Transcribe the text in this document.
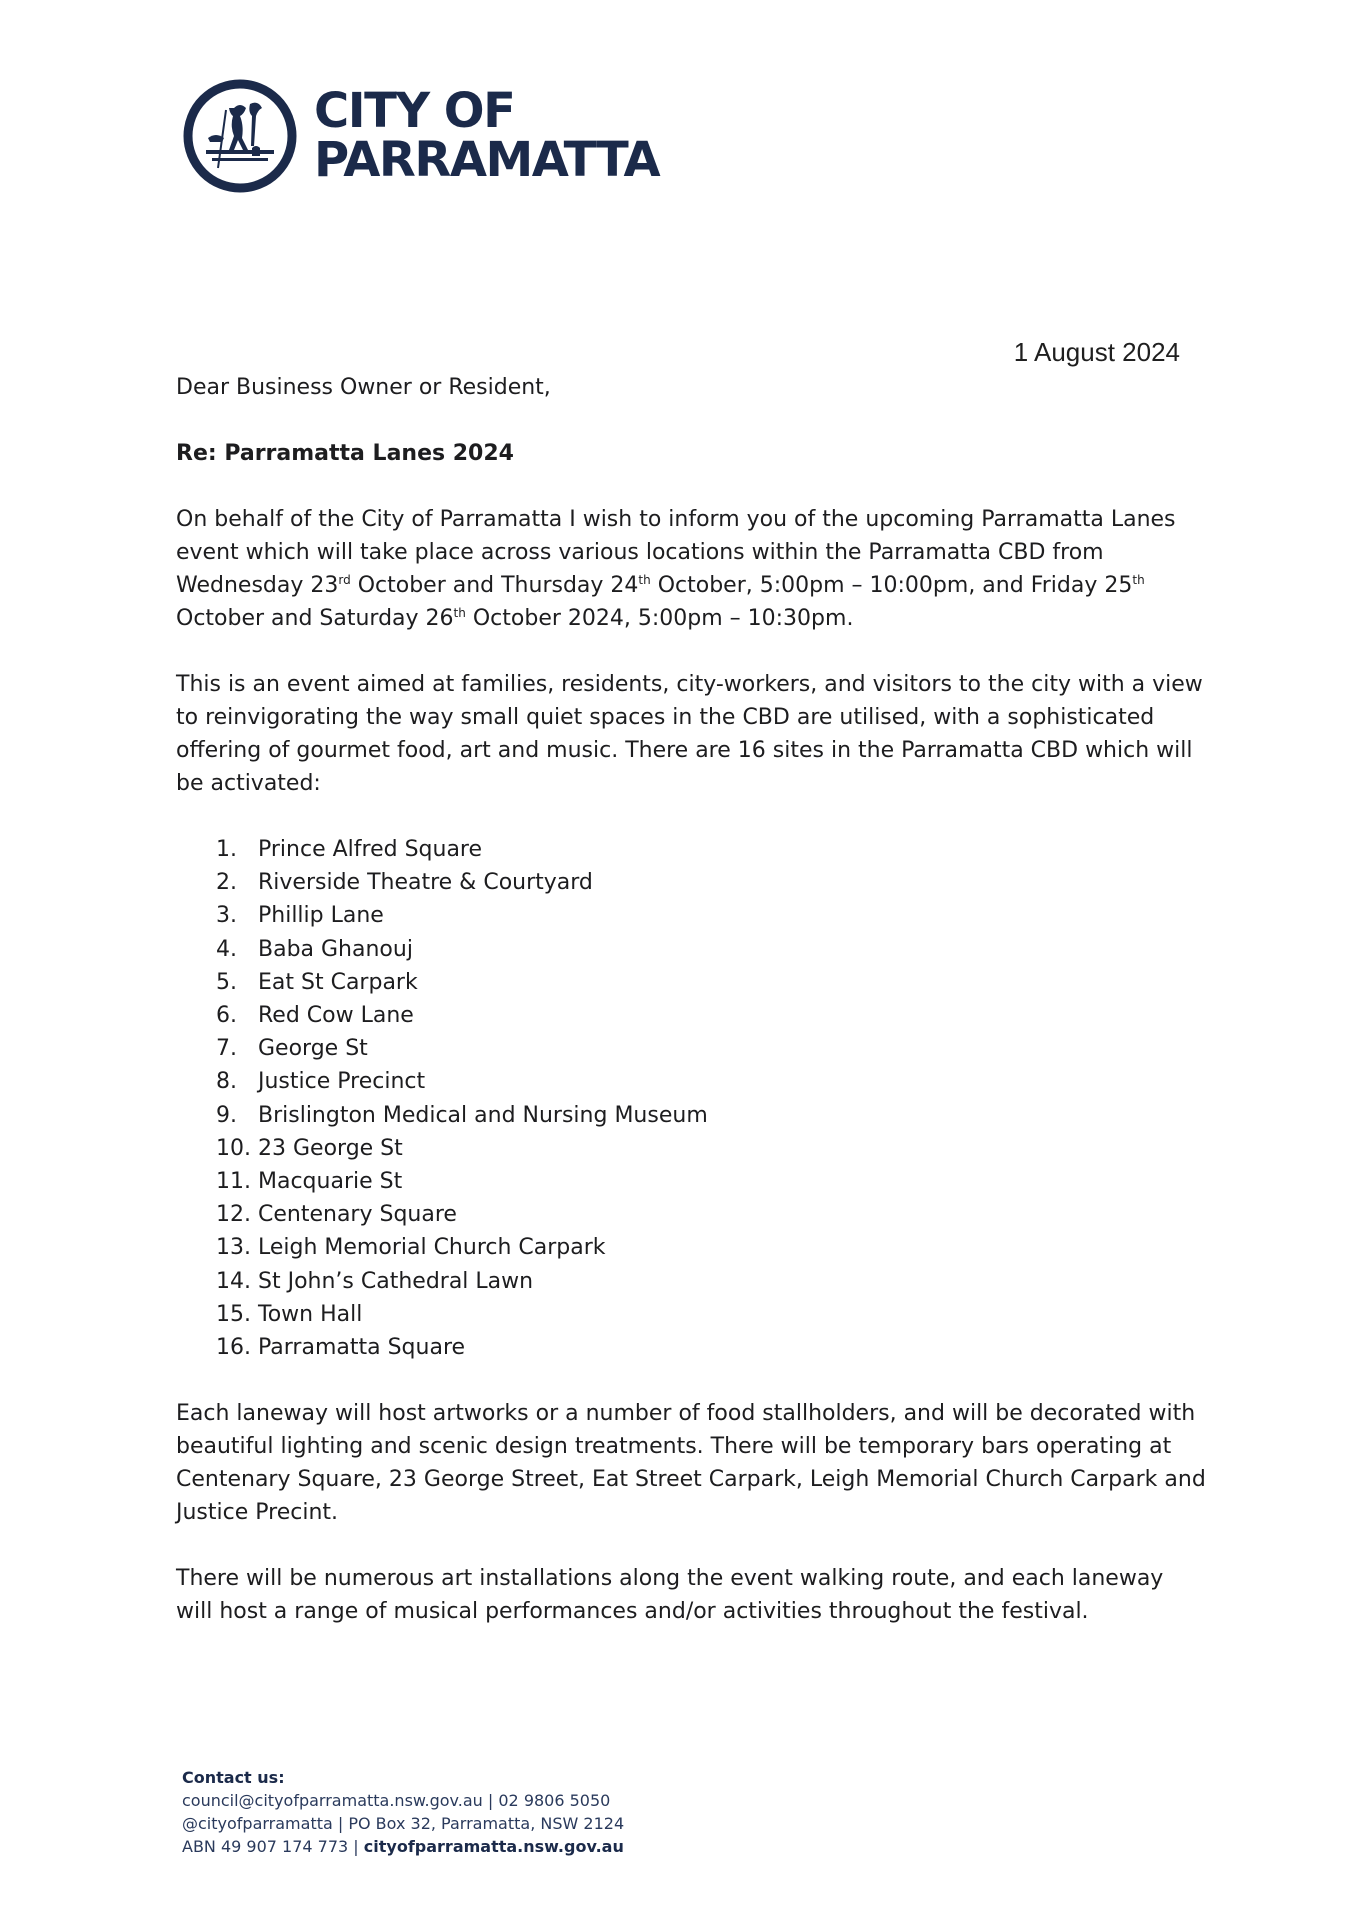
CITY OF
PARRAMATTA
1 August 2024

Dear Business Owner or Resident,

Re: Parramatta Lanes 2024

On behalf of the City of Parramatta I wish to inform you of the upcoming Parramatta Lanes event which will take place across various locations within the Parramatta CBD from Wednesday 23rd October and Thursday 24th October, 5:00pm – 10:00pm, and Friday 25th October and Saturday 26th October 2024, 5:00pm – 10:30pm.

This is an event aimed at families, residents, city-workers, and visitors to the city with a view to reinvigorating the way small quiet spaces in the CBD are utilised, with a sophisticated offering of gourmet food, art and music. There are 16 sites in the Parramatta CBD which will be activated:

1. Prince Alfred Square
2. Riverside Theatre & Courtyard
3. Phillip Lane
4. Baba Ghanouj
5. Eat St Carpark
6. Red Cow Lane
7. George St
8. Justice Precinct
9. Brislington Medical and Nursing Museum
10. 23 George St
11. Macquarie St
12. Centenary Square
13. Leigh Memorial Church Carpark
14. St John’s Cathedral Lawn
15. Town Hall
16. Parramatta Square

Each laneway will host artworks or a number of food stallholders, and will be decorated with beautiful lighting and scenic design treatments. There will be temporary bars operating at Centenary Square, 23 George Street, Eat Street Carpark, Leigh Memorial Church Carpark and Justice Precint.

There will be numerous art installations along the event walking route, and each laneway will host a range of musical performances and/or activities throughout the festival.

Contact us:
council@cityofparramatta.nsw.gov.au | 02 9806 5050
@cityofparramatta | PO Box 32, Parramatta, NSW 2124
ABN 49 907 174 773 | cityofparramatta.nsw.gov.au
